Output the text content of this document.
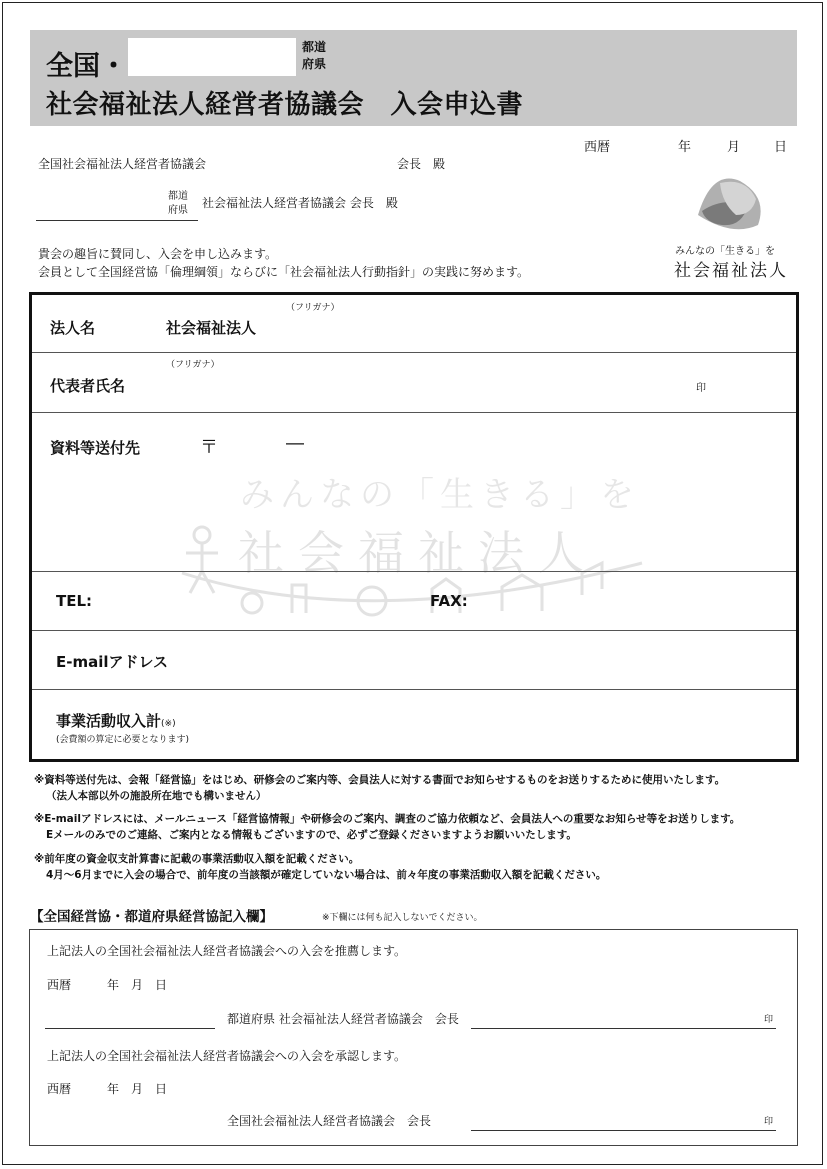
全国・
都道
府県
社会福祉法人経営者協議会　入会申込書
西暦	年	月	日
全国社会福祉法人経営者協議会	会長　殿
都道
府県
社会福祉法人経営者協議会 会長　殿
みんなの「生きる」を
社会福祉法人
貴会の趣旨に賛同し、入会を申し込みます。
会員として全国経営協「倫理綱領」ならびに「社会福祉法人行動指針」の実践に努めます。
みんなの「生きる」を
社会福祉法人
法人名	社会福祉法人
（フリガナ）
（フリガナ）
代表者氏名	印
資料等送付先	〒	―
TEL:	FAX:
E-mailアドレス
事業活動収入計(※)
(会費額の算定に必要となります)
※資料等送付先は、会報「経営協」をはじめ、研修会のご案内等、会員法人に対する書面でお知らせするものをお送りするために使用いたします。
（法人本部以外の施設所在地でも構いません）
※E-mailアドレスには、メールニュース「経営協情報」や研修会のご案内、調査のご協力依頼など、会員法人への重要なお知らせ等をお送りします。
Eメールのみでのご連絡、ご案内となる情報もございますので、必ずご登録くださいますようお願いいたします。
※前年度の資金収支計算書に記載の事業活動収入額を記載ください。
4月～6月までに入会の場合で、前年度の当該額が確定していない場合は、前々年度の事業活動収入額を記載ください。
【全国経営協・都道府県経営協記入欄】	※下欄には何も記入しないでください。
上記法人の全国社会福祉法人経営者協議会への入会を推薦します。
西暦　　　年　月　日
都道府県 社会福祉法人経営者協議会　会長	印
上記法人の全国社会福祉法人経営者協議会への入会を承認します。
西暦　　　年　月　日
全国社会福祉法人経営者協議会　会長	印
